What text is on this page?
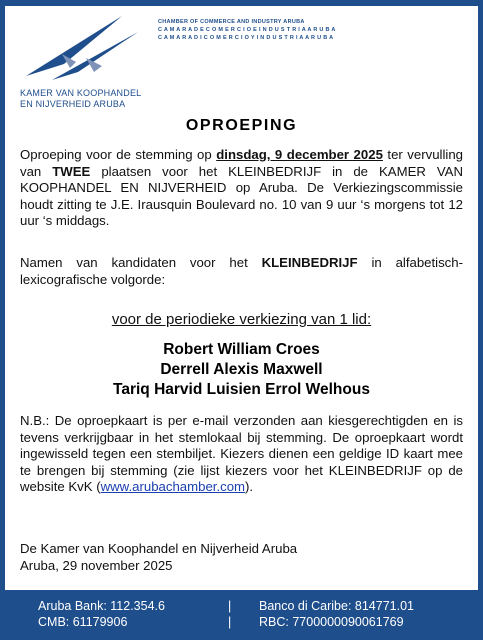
KAMER VAN KOOPHANDEL
EN NIJVERHEID ARUBA
CHAMBER OF COMMERCE AND INDUSTRY ARUBA
C A M A R A D E C O M E R C I O E I N D U S T R I A A R U B A
C A M A R A D I C O M E R C I O Y I N D U S T R I A A R U B A
OPROEPING
Oproeping voor de stemming op dinsdag, 9 december 2025 ter vervulling van TWEE plaatsen voor het KLEINBEDRIJF in de KAMER VAN KOOPHANDEL EN NIJVERHEID op Aruba. De Verkiezingscommissie houdt zitting te J.E. Irausquin Boulevard no. 10 van 9 uur ‘s morgens tot 12 uur ‘s middags.
Namen van kandidaten voor het KLEINBEDRIJF in alfabetisch-lexicografische volgorde:
voor de periodieke verkiezing van 1 lid:
Robert William Croes
Derrell Alexis Maxwell
Tariq Harvid Luisien Errol Welhous
N.B.: De oproepkaart is per e-mail verzonden aan kiesgerechtigden en is tevens verkrijgbaar in het stemlokaal bij stemming. De oproepkaart wordt ingewisseld tegen een stembiljet. Kiezers dienen een geldige ID kaart mee te brengen bij stemming (zie lijst kiezers voor het KLEINBEDRIJF op de website KvK (www.arubachamber.com).
De Kamer van Koophandel en Nijverheid Aruba
Aruba, 29 november 2025
Aruba Bank: 112.354.6
CMB: 61179906
|
|
Banco di Caribe: 814771.01
RBC: 7700000090061769
